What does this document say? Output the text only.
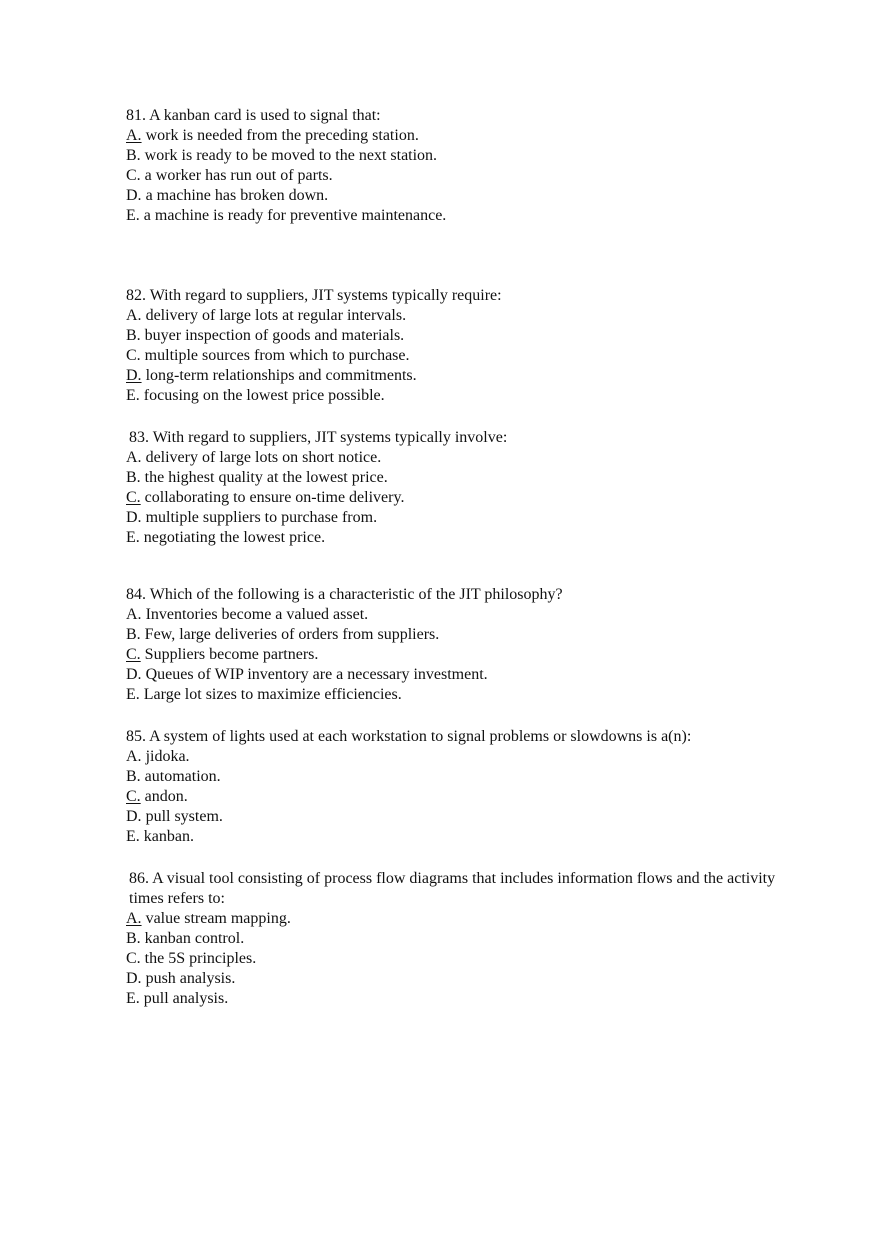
81. A kanban card is used to signal that:
A. work is needed from the preceding station.
B. work is ready to be moved to the next station.
C. a worker has run out of parts.
D. a machine has broken down.
E. a machine is ready for preventive maintenance.
82. With regard to suppliers, JIT systems typically require:
A. delivery of large lots at regular intervals.
B. buyer inspection of goods and materials.
C. multiple sources from which to purchase.
D. long-term relationships and commitments.
E. focusing on the lowest price possible.
83. With regard to suppliers, JIT systems typically involve:
A. delivery of large lots on short notice.
B. the highest quality at the lowest price.
C. collaborating to ensure on-time delivery.
D. multiple suppliers to purchase from.
E. negotiating the lowest price.
84. Which of the following is a characteristic of the JIT philosophy?
A. Inventories become a valued asset.
B. Few, large deliveries of orders from suppliers.
C. Suppliers become partners.
D. Queues of WIP inventory are a necessary investment.
E. Large lot sizes to maximize efficiencies.
85. A system of lights used at each workstation to signal problems or slowdowns is a(n):
A. jidoka.
B. automation.
C. andon.
D. pull system.
E. kanban.
86. A visual tool consisting of process flow diagrams that includes information flows and the activity times refers to:
A. value stream mapping.
B. kanban control.
C. the 5S principles.
D. push analysis.
E. pull analysis.
